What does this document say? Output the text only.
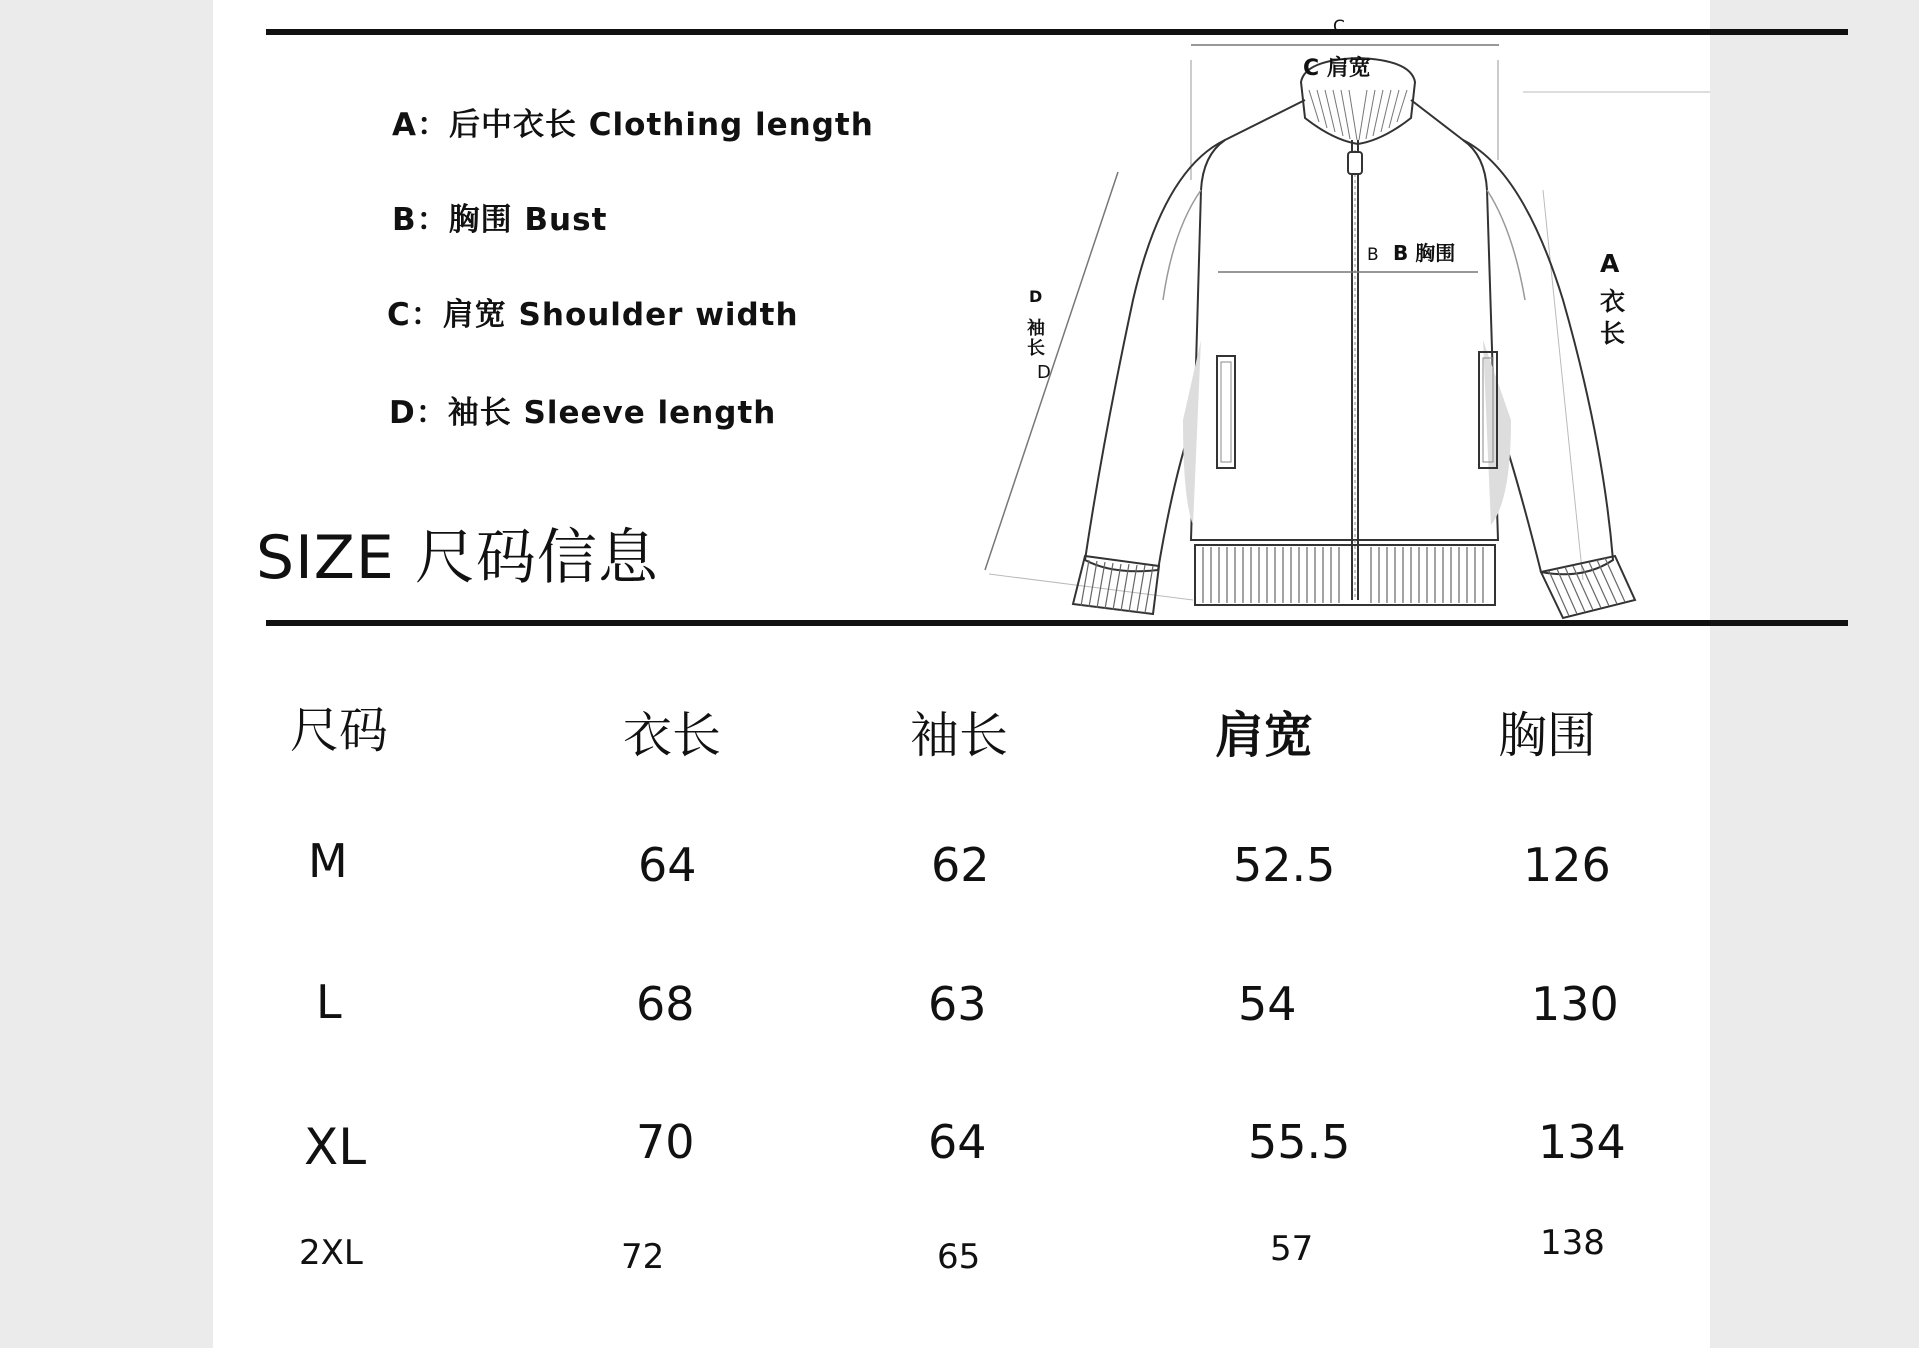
A：后中衣长 Clothing length
B：胸围 Bust
C：肩宽 Shoulder width
D：袖长 Sleeve length
SIZE 尺码信息
C
C 肩宽
B B 胸围	A
衣
长
D
袖
长
D
尺码	衣长	袖长	肩宽	胸围
M	64	62	52.5	126
L	68	63	54	130
XL	70	64	55.5	134
2XL	72	65	57	138
